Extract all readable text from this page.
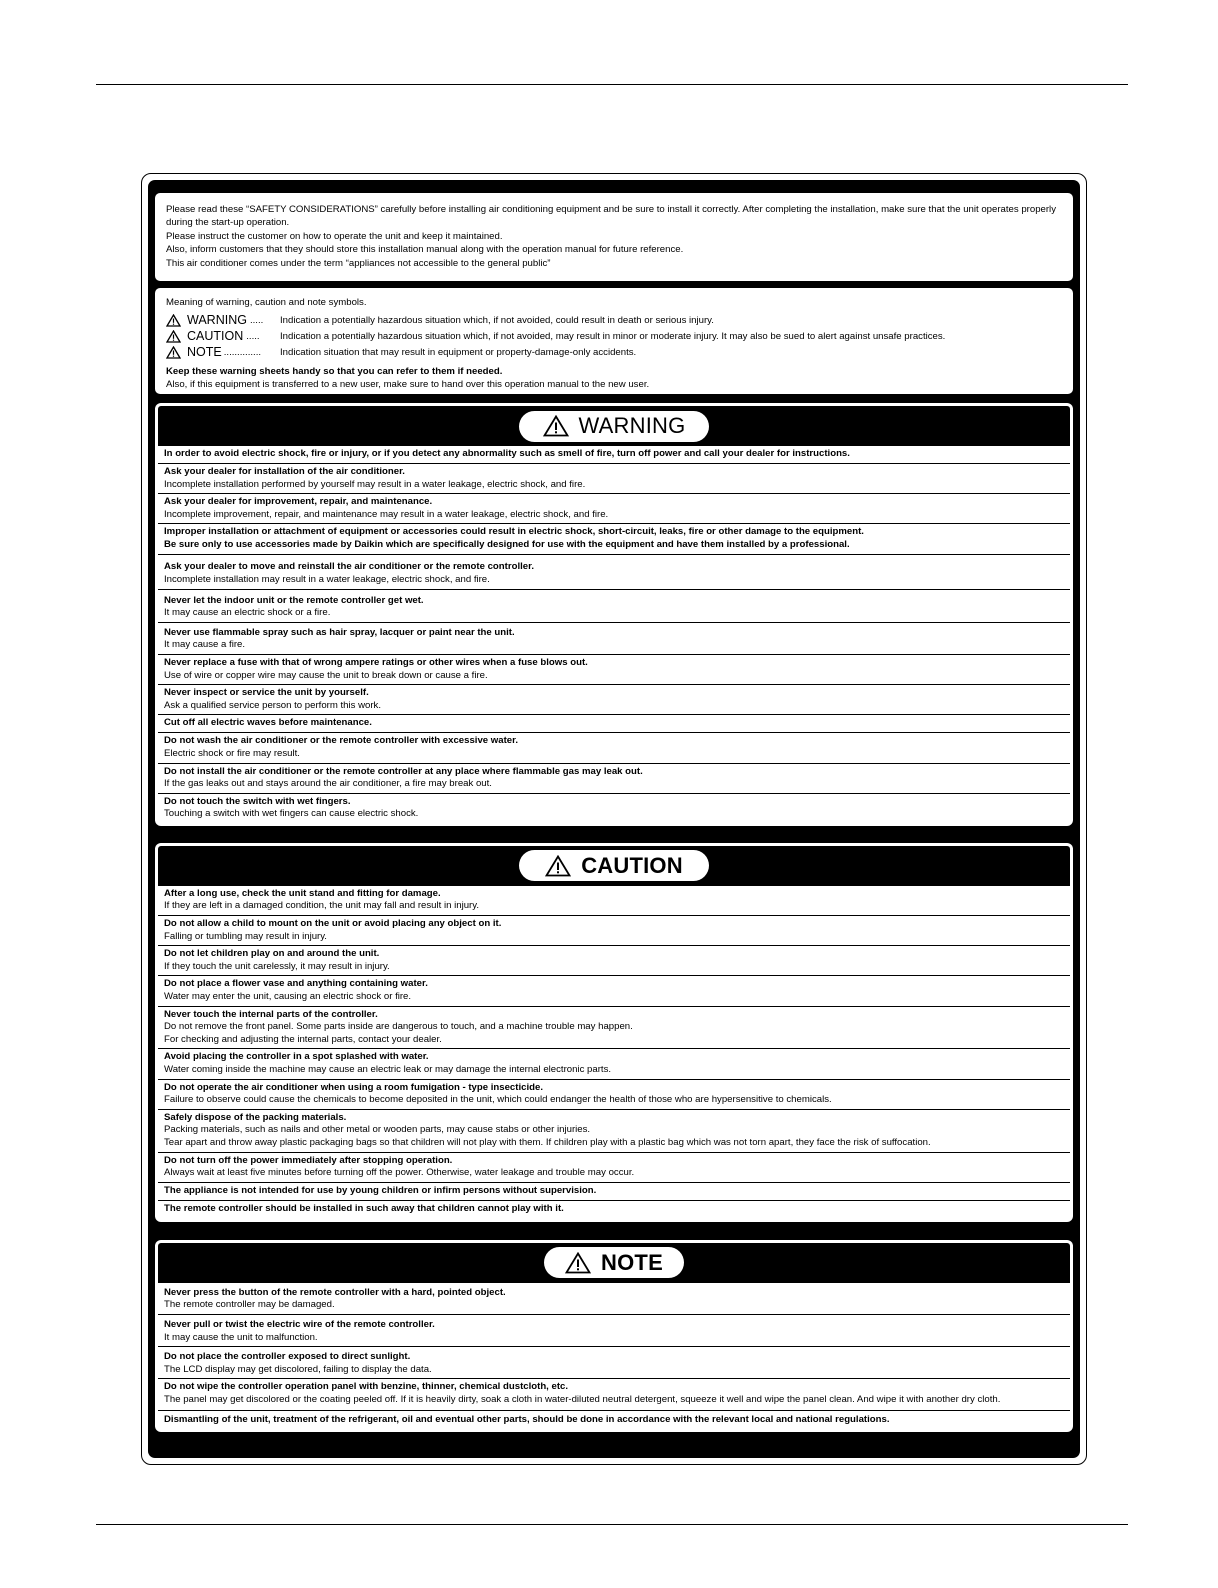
Please read these “SAFETY CONSIDERATIONS” carefully before installing air conditioning equipment and be sure to install it correctly. After completing the installation, make sure that the unit operates properly during the start-up operation.

Please instruct the customer on how to operate the unit and keep it maintained.

Also, inform customers that they should store this installation manual along with the operation manual for future reference.

This air conditioner comes under the term “appliances not accessible to the general public”

Meaning of warning, caution and note symbols.

WARNING ..... Indication a potentially hazardous situation which, if not avoided, could result in death or serious injury.
CAUTION ..... Indication a potentially hazardous situation which, if not avoided, may result in minor or moderate injury. It may also be sued to alert against unsafe practices.
NOTE .............. Indication situation that may result in equipment or property-damage-only accidents.

Keep these warning sheets handy so that you can refer to them if needed.

Also, if this equipment is transferred to a new user, make sure to hand over this operation manual to the new user.

WARNING
In order to avoid electric shock, fire or injury, or if you detect any abnormality such as smell of fire, turn off power and call your dealer for instructions.
Ask your dealer for installation of the air conditioner.
Incomplete installation performed by yourself may result in a water leakage, electric shock, and fire.
Ask your dealer for improvement, repair, and maintenance.
Incomplete improvement, repair, and maintenance may result in a water leakage, electric shock, and fire.
Improper installation or attachment of equipment or accessories could result in electric shock, short-circuit, leaks, fire or other damage to the equipment.
Be sure only to use accessories made by Daikin which are specifically designed for use with the equipment and have them installed by a professional.
Ask your dealer to move and reinstall the air conditioner or the remote controller.
Incomplete installation may result in a water leakage, electric shock, and fire.
Never let the indoor unit or the remote controller get wet.
It may cause an electric shock or a fire.
Never use flammable spray such as hair spray, lacquer or paint near the unit.
It may cause a fire.
Never replace a fuse with that of wrong ampere ratings or other wires when a fuse blows out.
Use of wire or copper wire may cause the unit to break down or cause a fire.
Never inspect or service the unit by yourself.
Ask a qualified service person to perform this work.
Cut off all electric waves before maintenance.
Do not wash the air conditioner or the remote controller with excessive water.
Electric shock or fire may result.
Do not install the air conditioner or the remote controller at any place where flammable gas may leak out.
If the gas leaks out and stays around the air conditioner, a fire may break out.
Do not touch the switch with wet fingers.
Touching a switch with wet fingers can cause electric shock.
CAUTION
After a long use, check the unit stand and fitting for damage.
If they are left in a damaged condition, the unit may fall and result in injury.
Do not allow a child to mount on the unit or avoid placing any object on it.
Falling or tumbling may result in injury.
Do not let children play on and around the unit.
If they touch the unit carelessly, it may result in injury.
Do not place a flower vase and anything containing water.
Water may enter the unit, causing an electric shock or fire.
Never touch the internal parts of the controller.
Do not remove the front panel. Some parts inside are dangerous to touch, and a machine trouble may happen.
For checking and adjusting the internal parts, contact your dealer.
Avoid placing the controller in a spot splashed with water.
Water coming inside the machine may cause an electric leak or may damage the internal electronic parts.
Do not operate the air conditioner when using a room fumigation - type insecticide.
Failure to observe could cause the chemicals to become deposited in the unit, which could endanger the health of those who are hypersensitive to chemicals.
Safely dispose of the packing materials.
Packing materials, such as nails and other metal or wooden parts, may cause stabs or other injuries.
Tear apart and throw away plastic packaging bags so that children will not play with them. If children play with a plastic bag which was not torn apart, they face the risk of suffocation.
Do not turn off the power immediately after stopping operation.
Always wait at least five minutes before turning off the power. Otherwise, water leakage and trouble may occur.
The appliance is not intended for use by young children or infirm persons without supervision.
The remote controller should be installed in such away that children cannot play with it.
NOTE
Never press the button of the remote controller with a hard, pointed object.
The remote controller may be damaged.
Never pull or twist the electric wire of the remote controller.
It may cause the unit to malfunction.
Do not place the controller exposed to direct sunlight.
The LCD display may get discolored, failing to display the data.
Do not wipe the controller operation panel with benzine, thinner, chemical dustcloth, etc.
The panel may get discolored or the coating peeled off. If it is heavily dirty, soak a cloth in water-diluted neutral detergent, squeeze it well and wipe the panel clean. And wipe it with another dry cloth.
Dismantling of the unit, treatment of the refrigerant, oil and eventual other parts, should be done in accordance with the relevant local and national regulations.
